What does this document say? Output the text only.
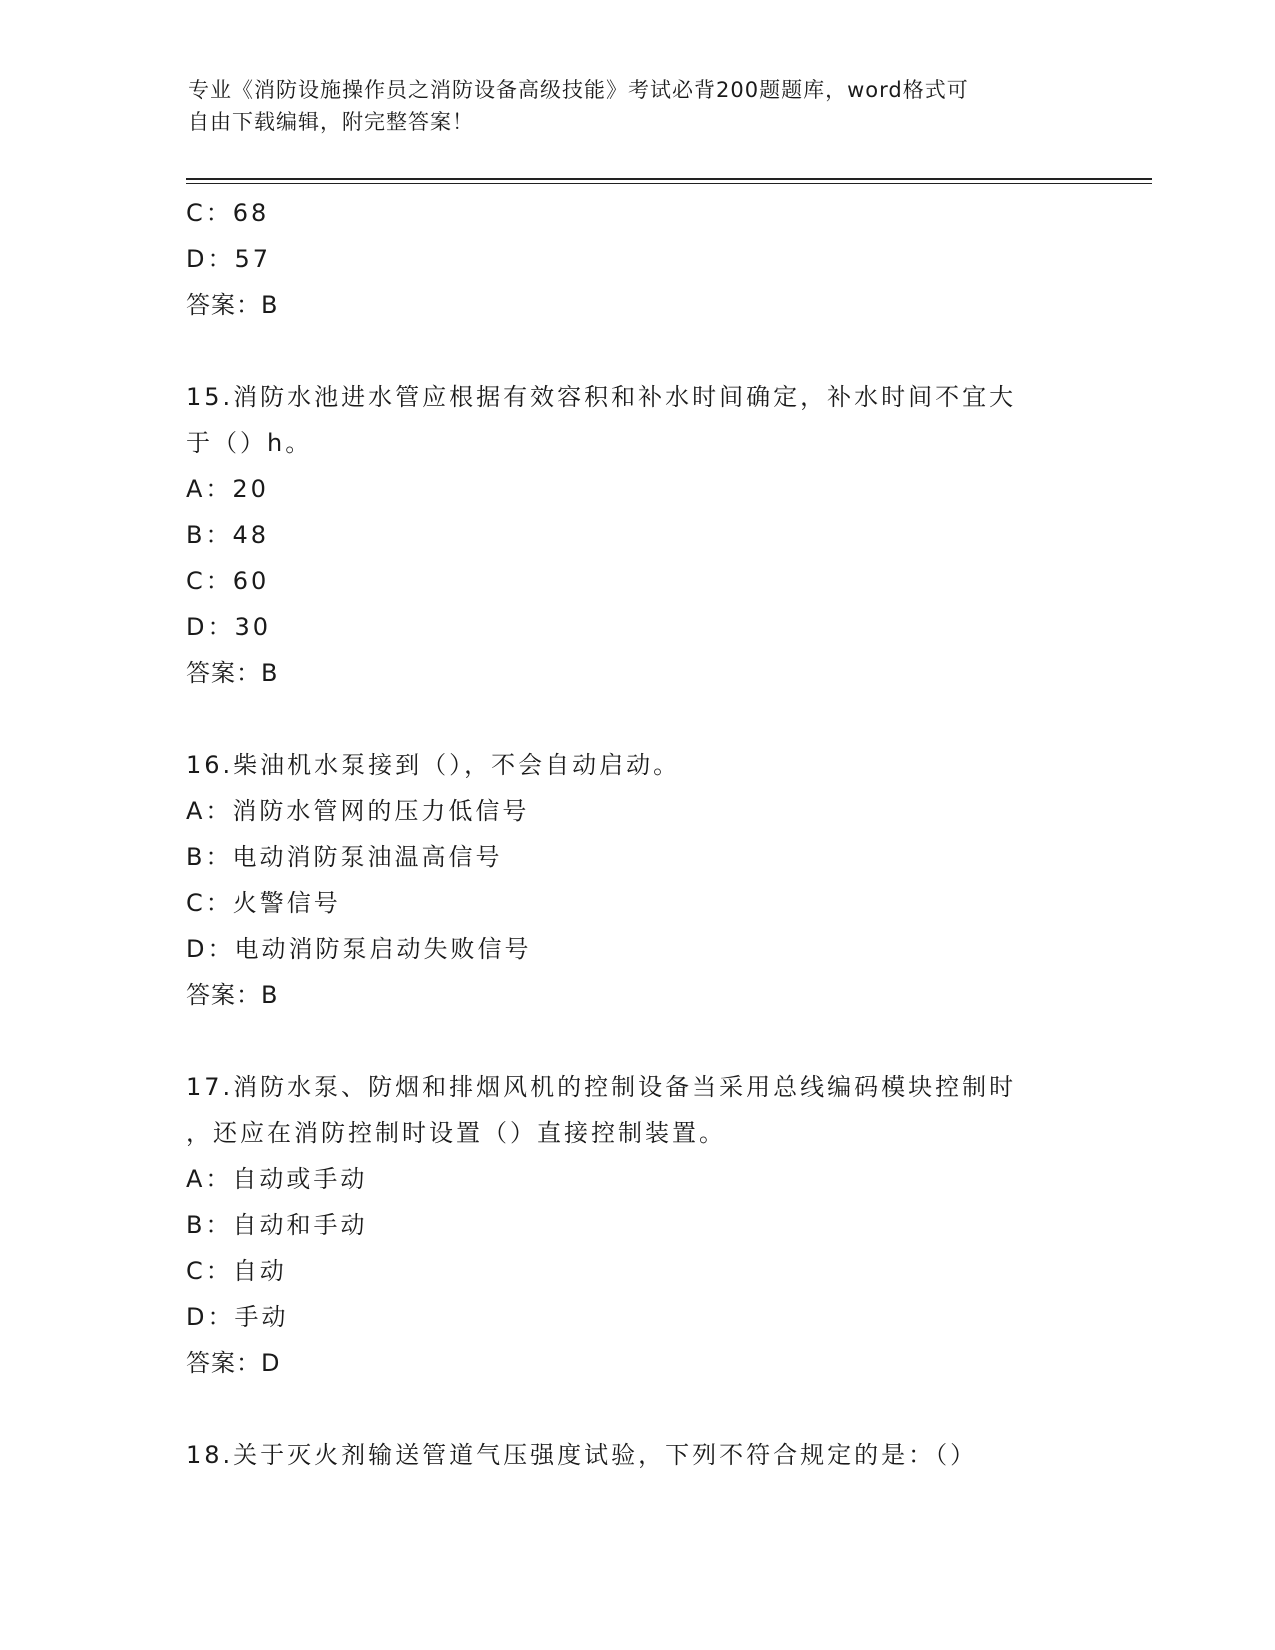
专业《消防设施操作员之消防设备高级技能》考试必背200题题库，word格式可
自由下载编辑，附完整答案！
C：68
D：57
答案：B
15.消防水池进水管应根据有效容积和补水时间确定，补水时间不宜大
于（）h。
A：20
B：48
C：60
D：30
答案：B
16.柴油机水泵接到（），不会自动启动。
A：消防水管网的压力低信号
B：电动消防泵油温高信号
C：火警信号
D：电动消防泵启动失败信号
答案：B
17.消防水泵、防烟和排烟风机的控制设备当采用总线编码模块控制时
，还应在消防控制时设置（）直接控制装置。
A：自动或手动
B：自动和手动
C：自动
D：手动
答案：D
18.关于灭火剂输送管道气压强度试验，下列不符合规定的是：（）
